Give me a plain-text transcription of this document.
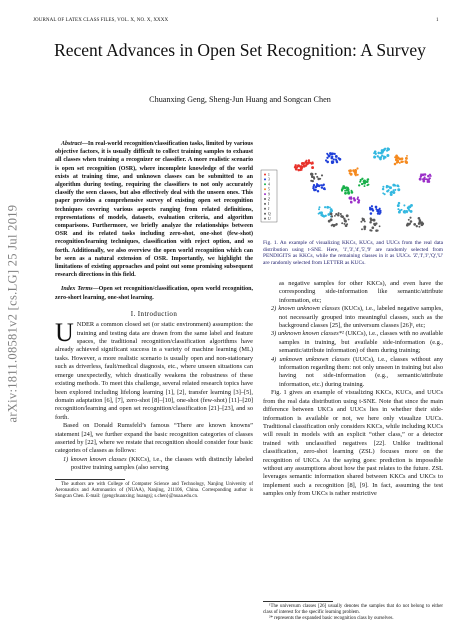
JOURNAL OF LATEX CLASS FILES, VOL. X, NO. X, XXXX	1
arXiv:1811.08581v2 [cs.LG] 25 Jul 2019
Recent Advances in Open Set Recognition: A Survey
Chuanxing Geng, Sheng-Jun Huang and Songcan Chen

Abstract—In real-world recognition/classification tasks, limited by various objective factors, it is usually difficult to collect training samples to exhaust all classes when training a recognizer or classifier. A more realistic scenario is open set recognition (OSR), where incomplete knowledge of the world exists at training time, and unknown classes can be submitted to an algorithm during testing, requiring the classifiers to not only accurately classify the seen classes, but also effectively deal with the unseen ones. This paper provides a comprehensive survey of existing open set recognition techniques covering various aspects ranging from related definitions, representations of models, datasets, evaluation criteria, and algorithm comparisons. Furthermore, we briefly analyze the relationships between OSR and its related tasks including zero-shot, one-shot (few-shot) recognition/learning techniques, classification with reject option, and so forth. Additionally, we also overview the open world recognition which can be seen as a natural extension of OSR. Importantly, we highlight the limitations of existing approaches and point out some promising subsequent research directions in this field.

Index Terms—Open set recognition/classification, open world recognition, zero-short learning, one-shot learning.

I. Introduction

UNDER a common closed set (or static environment) assumption: the training and testing data are drawn from the same label and feature spaces, the traditional recognition/classification algorithms have already achieved significant success in a variety of machine learning (ML) tasks. However, a more realistic scenario is usually open and non-stationary such as driverless, fault/medical diagnosis, etc., where unseen situations can emerge unexpectedly, which drastically weakens the robustness of these existing methods. To meet this challenge, several related research topics have been explored including lifelong learning [1], [2], transfer learning [3]–[5], domain adaptation [6], [7], zero-shot [8]–[10], one-shot (few-shot) [11]–[20] recognition/learning and open set recognition/classification [21]–[23], and so forth.

Based on Donald Rumsfeld’s famous “There are known knowns” statement [24], we further expand the basic recognition categories of classes asserted by [22], where we restate that recognition should consider four basic categories of classes as follows:

1) known known classes (KKCs), i.e., the classes with distinctly labeled positive training samples (also serving

The authors are with College of Computer Science and Technology, Nanjing University of Aeronautics and Astronautics of (NUAA), Nanjing, 211106, China. Corresponding author is Songcan Chen. E-mail: {gengchuanxing; huangsj; s.chen}@nuaa.edu.cn.

1
3
4
5
9
Z
I
J
Q
U
Fig. 1. An example of visualizing KKCs, KUCs, and UUCs from the real data distribution using t-SNE. Here, '1','3','4','5','9' are randomly selected from PENDIGITS as KKCs, while the remaining classes in it as UUCs. 'Z','I','J','Q','U' are randomly selected from LETTER as KUCs.

as negative samples for other KKCs), and even have the corresponding side-information like semantic/attribute information, etc;

2) known unknown classes (KUCs), i.e., labeled negative samples, not necessarily grouped into meaningful classes, such as the background classes [25], the universum classes [26]¹, etc;

3) unknown known classes*² (UKCs), i.e., classes with no available samples in training, but available side-information (e.g., semantic/attribute information) of them during training;

4) unknown unknown classes (UUCs), i.e., classes without any information regarding them: not only unseen in training but also having not side-information (e.g., semantic/attribute information, etc.) during training.

Fig. 1 gives an example of visualizing KKCs, KUCs, and UUCs from the real data distribution using t-SNE. Note that since the main difference between UKCs and UUCs lies in whether their side-information is available or not, we here only visualize UUCs. Traditional classification only considers KKCs, while including KUCs will result in models with an explicit “other class,” or a detector trained with unclassified negatives [22]. Unlike traditional classification, zero-shot learning (ZSL) focuses more on the recognition of UKCs. As the saying goes: prediction is impossible without any assumptions about how the past relates to the future. ZSL leverages semantic information shared between KKCs and UKCs to implement such a recognition [8], [9]. In fact, assuming the test samples only from UKCs is rather restrictive

¹The universum classes [26] usually denotes the samples that do not belong to either class of interest for the specific learning problem.

²* represents the expanded basic recognition class by ourselves.
